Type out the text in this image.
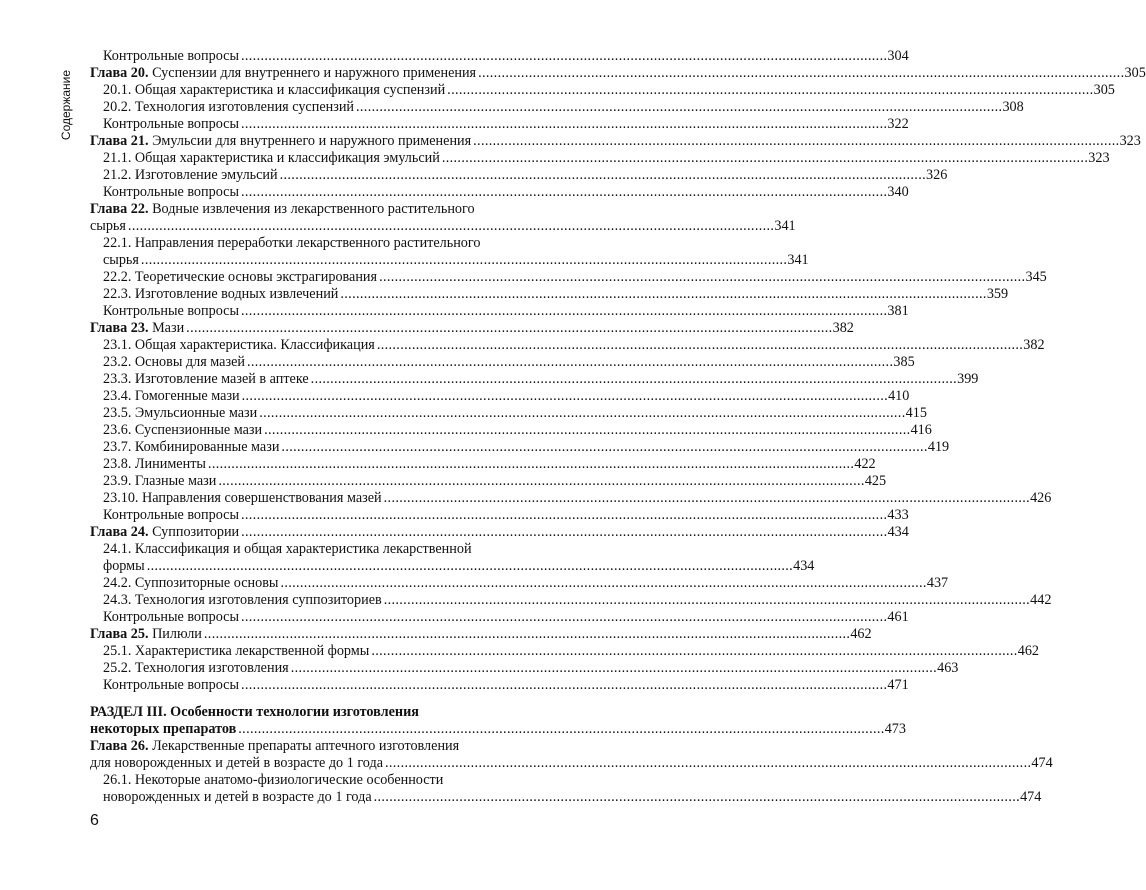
Содержание
Контрольные вопросы . . .	304
Глава 20. Суспензии для внутреннего и наружного применения . . .	305
20.1. Общая характеристика и классификация суспензий . . .	305
20.2. Технология изготовления суспензий . . .	308
Контрольные вопросы . . .	322
Глава 21. Эмульсии для внутреннего и наружного применения . . .	323
21.1. Общая характеристика и классификация эмульсий . . .	323
21.2. Изготовление эмульсий . . .	326
Контрольные вопросы . . .	340
Глава 22. Водные извлечения из лекарственного растительного
сырья . . .	341
22.1. Направления переработки лекарственного растительного
сырья . . .	341
22.2. Теоретические основы экстрагирования . . .	345
22.3. Изготовление водных извлечений . . .	359
Контрольные вопросы . . .	381
Глава 23. Мази . . .	382
23.1. Общая характеристика. Классификация . . .	382
23.2. Основы для мазей . . .	385
23.3. Изготовление мазей в аптеке . . .	399
23.4. Гомогенные мази . . .	410
23.5. Эмульсионные мази . . .	415
23.6. Суспензионные мази . . .	416
23.7. Комбинированные мази . . .	419
23.8. Линименты . . .	422
23.9. Глазные мази . . .	425
23.10. Направления совершенствования мазей . . .	426
Контрольные вопросы . . .	433
Глава 24. Суппозитории . . .	434
24.1. Классификация и общая характеристика лекарственной
формы . . .	434
24.2. Суппозиторные основы . . .	437
24.3. Технология изготовления суппозиториев . . .	442
Контрольные вопросы . . .	461
Глава 25. Пилюли . . .	462
25.1. Характеристика лекарственной формы . . .	462
25.2. Технология изготовления . . .	463
Контрольные вопросы . . .	471
РАЗДЕЛ III. Особенности технологии изготовления
некоторых препаратов . . .	473
Глава 26. Лекарственные препараты аптечного изготовления
для новорожденных и детей в возрасте до 1 года . . .	474
26.1. Некоторые анатомо-физиологические особенности
новорожденных и детей в возрасте до 1 года . . .	474
6
